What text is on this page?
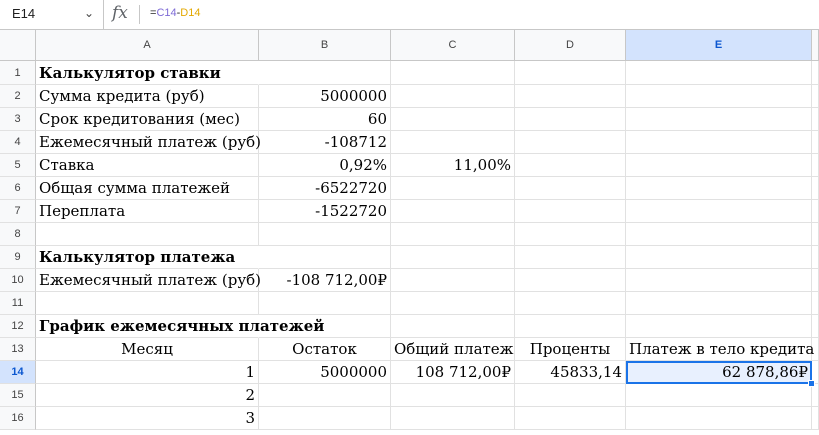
E14	⌄ fx =C14-D14
A	B	C	D	E
1	Калькулятор ставки
2	Сумма кредита (руб)	5000000
3	Срок кредитования (мес)	60
4	Ежемесячный платеж (руб)	-108712
5	Ставка	0,92%	11,00%
6	Общая сумма платежей	-6522720
7	Переплата	-1522720
8
9	Калькулятор платежа
10	Ежемесячный платеж (руб)	-108 712,00₽
11
12	График ежемесячных платежей
13	Месяц	Остаток	Общий платеж	Проценты	Платеж в тело кредита
14	1	5000000	108 712,00₽	45833,14	62 878,86₽
15	2
16	3
